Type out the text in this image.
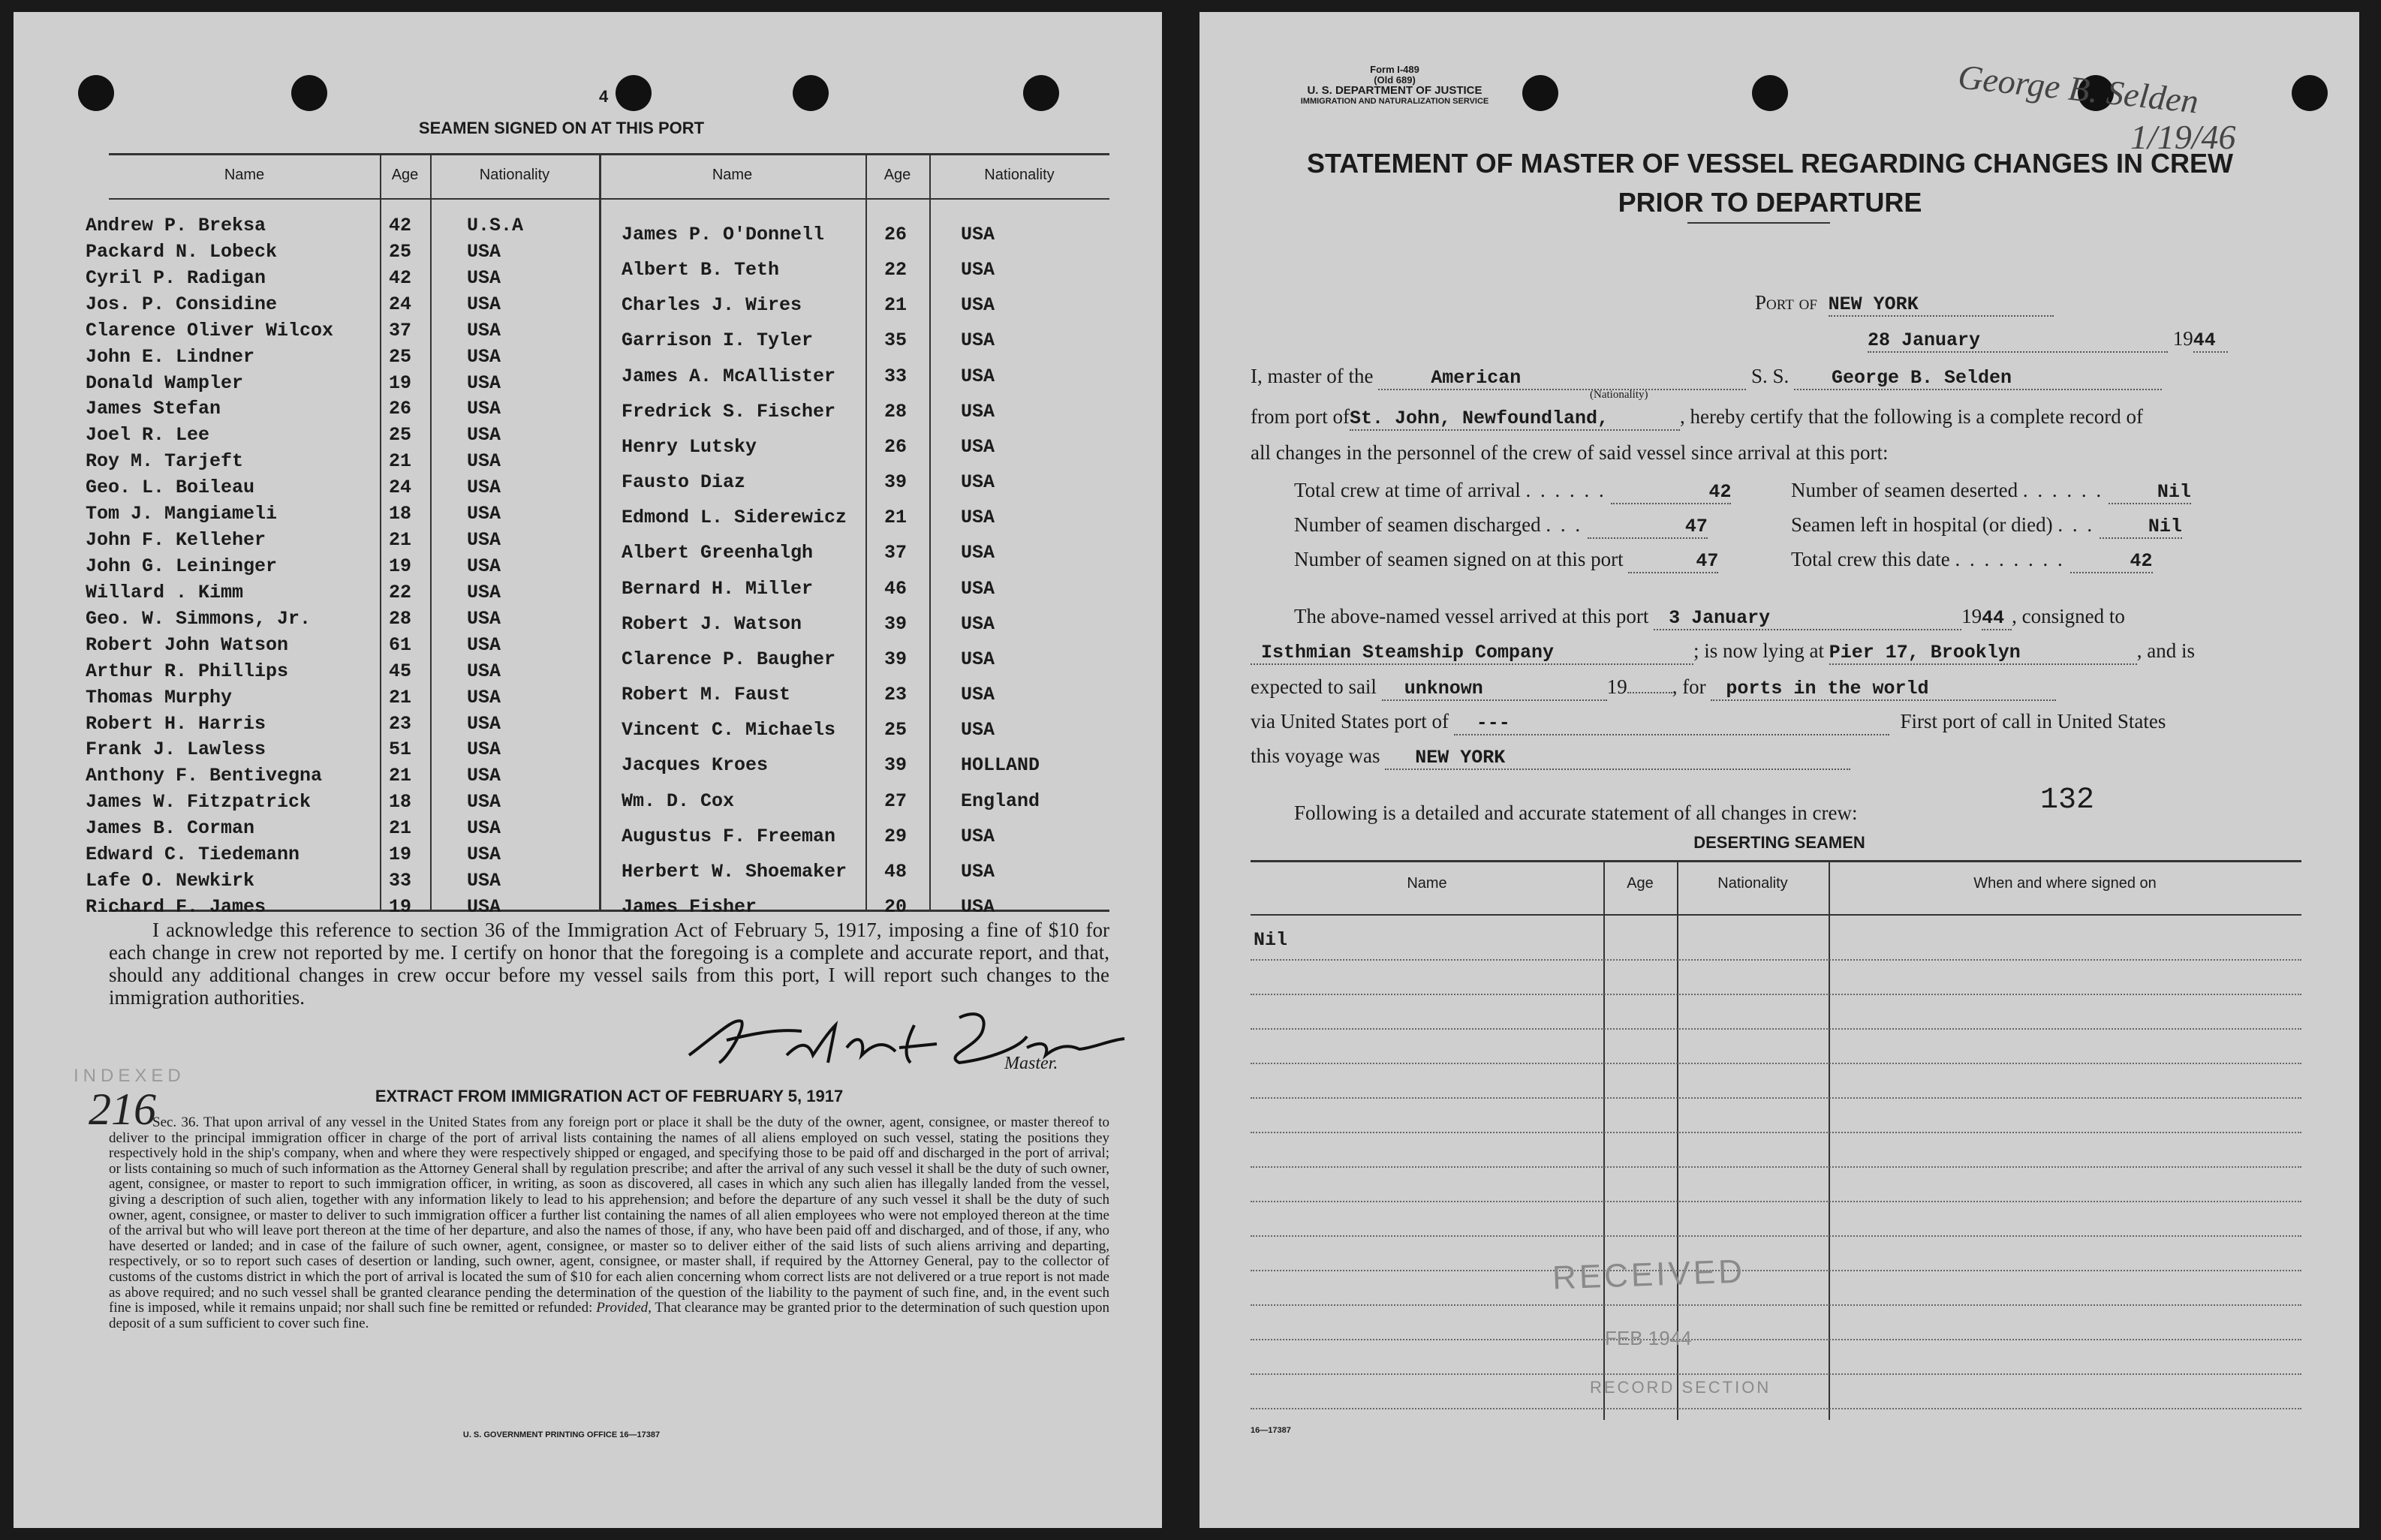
4
SEAMEN SIGNED ON AT THIS PORT
Name	Age	Nationality	Name	Age	Nationality
Andrew P. Breksa	42	U.S.A
Packard N. Lobeck	25	USA
Cyril P. Radigan	42	USA
Jos. P. Considine	24	USA
Clarence Oliver Wilcox	37	USA
John E. Lindner	25	USA
Donald Wampler	19	USA
James Stefan	26	USA
Joel R. Lee	25	USA
Roy M. Tarjeft	21	USA
Geo. L. Boileau	24	USA
Tom J. Mangiameli	18	USA
John F. Kelleher	21	USA
John G. Leininger	19	USA
Willard . Kimm	22	USA
Geo. W. Simmons, Jr.	28	USA
Robert John Watson	61	USA
Arthur R. Phillips	45	USA
Thomas Murphy	21	USA
Robert H. Harris	23	USA
Frank J. Lawless	51	USA
Anthony F. Bentivegna	21	USA
James W. Fitzpatrick	18	USA
James B. Corman	21	USA
Edward C. Tiedemann	19	USA
Lafe O. Newkirk	33	USA
Richard F. James	19	USA
James P. O'Donnell	26	USA
Albert B. Teth	22	USA
Charles J. Wires	21	USA
Garrison I. Tyler	35	USA
James A. McAllister	33	USA
Fredrick S. Fischer	28	USA
Henry Lutsky	26	USA
Fausto Diaz	39	USA
Edmond L. Siderewicz 21	USA
Albert Greenhalgh	37	USA
Bernard H. Miller	46	USA
Robert J. Watson	39	USA
Clarence P. Baugher	39	USA
Robert M. Faust	23	USA
Vincent C. Michaels	25	USA
Jacques Kroes	39	HOLLAND
Wm. D. Cox	27	England
Augustus F. Freeman	29	USA
Herbert W. Shoemaker 48	USA
James Fisher	20	USA
I acknowledge this reference to section 36 of the Immigration Act of February 5, 1917, imposing a fine of $10 for each change in crew not reported by me. I certify on honor that the foregoing is a complete and accurate report, and that, should any additional changes in crew occur before my vessel sails from this port, I will report such changes to the immigration authorities.
Master.
INDEXED
216	EXTRACT FROM IMMIGRATION ACT OF FEBRUARY 5, 1917
Sec. 36. That upon arrival of any vessel in the United States from any foreign port or place it shall be the duty of the owner, agent, consignee, or master thereof to deliver to the principal immigration officer in charge of the port of arrival lists containing the names of all aliens employed on such vessel, stating the positions they respectively hold in the ship's company, when and where they were respectively shipped or engaged, and specifying those to be paid off and discharged in the port of arrival; or lists containing so much of such information as the Attorney General shall by regulation prescribe; and after the arrival of any such vessel it shall be the duty of such owner, agent, consignee, or master to report to such immigration officer, in writing, as soon as discovered, all cases in which any such alien has illegally landed from the vessel, giving a description of such alien, together with any information likely to lead to his apprehension; and before the departure of any such vessel it shall be the duty of such owner, agent, consignee, or master to deliver to such immigration officer a further list containing the names of all alien employees who were not employed thereon at the time of the arrival but who will leave port thereon at the time of her departure, and also the names of those, if any, who have been paid off and discharged, and of those, if any, who have deserted or landed; and in case of the failure of such owner, agent, consignee, or master so to deliver either of the said lists of such aliens arriving and departing, respectively, or so to report such cases of desertion or landing, such owner, agent, consignee, or master shall, if required by the Attorney General, pay to the collector of customs of the customs district in which the port of arrival is located the sum of $10 for each alien concerning whom correct lists are not delivered or a true report is not made as above required; and no such vessel shall be granted clearance pending the determination of the question of the liability to the payment of such fine, and, in the event such fine is imposed, while it remains unpaid; nor shall such fine be remitted or refunded: Provided, That clearance may be granted prior to the determination of such question upon deposit of a sum sufficient to cover such fine.
U. S. GOVERNMENT PRINTING OFFICE 16—17387
Form I-489
(Old 689)
U. S. DEPARTMENT OF JUSTICE
IMMIGRATION AND NATURALIZATION SERVICE	George B. Selden
1/19/46
STATEMENT OF MASTER OF VESSEL REGARDING CHANGES IN CREW
PRIOR TO DEPARTURE
Port of NEW YORK
28 January	1944
I, master of the	American	S. S. George B. Selden
(Nationality)
from port ofSt. John, Newfoundland,	, hereby certify that the following is a complete record of
all changes in the personnel of the crew of said vessel since arrival at this port:
Total crew at time of arrival . . . . . .	42	Number of seamen deserted . . . . . .	Nil
Number of seamen discharged . . .	47	Seamen left in hospital (or died) . . .	Nil
Number of seamen signed on at this port	47	Total crew this date . . . . . . . .	42
The above-named vessel arrived at this port 3 January	1944 , consigned to
Isthmian Steamship Company	; is now lying at Pier 17, Brooklyn	, and is
expected to sail unknown	19 , for ports in the world
via United States port of ---	First port of call in United States
this voyage was NEW YORK
Following is a detailed and accurate statement of all changes in crew:	132
DESERTING SEAMEN
Name	Age	Nationality	When and where signed on
Nil
RECEIVED
FEB 1944
RECORD SECTION
16—17387
